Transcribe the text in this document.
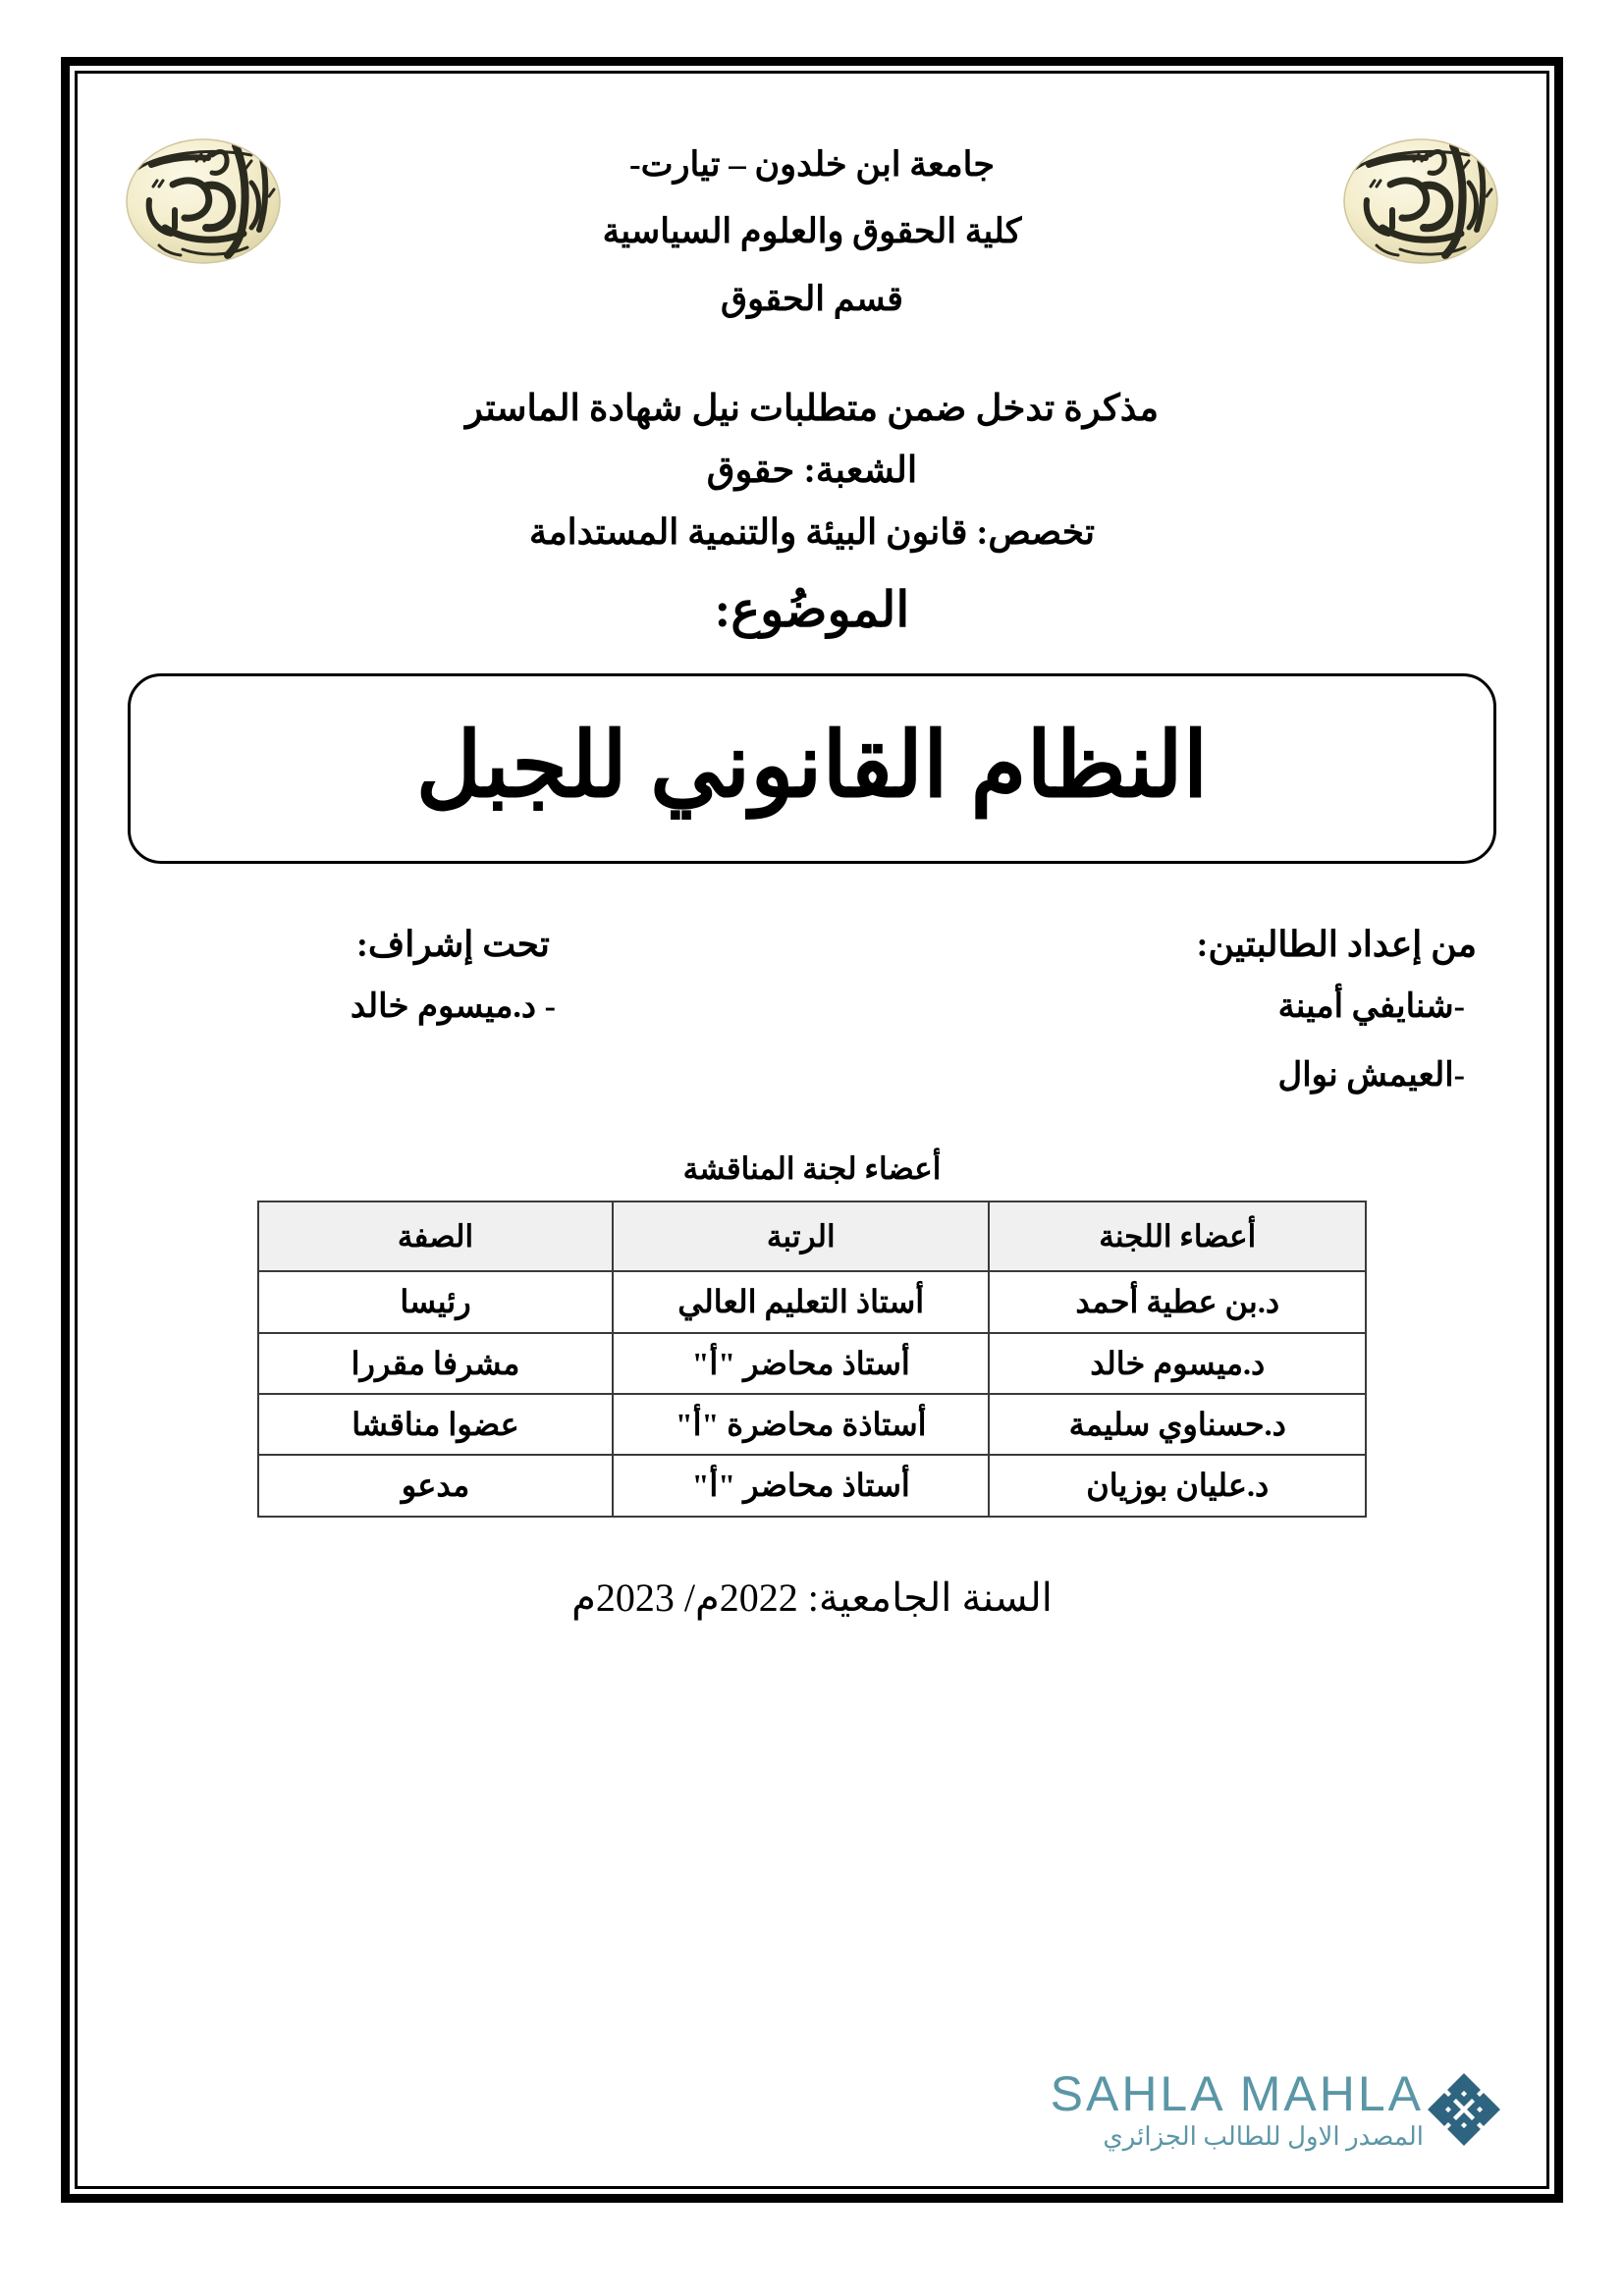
جامعة ابن خلدون – تيارت-
كلية الحقوق والعلوم السياسية
قسم الحقوق
مذكرة تدخل ضمن متطلبات نيل شهادة الماستر
الشعبة: حقوق
تخصص: قانون البيئة والتنمية المستدامة
الموضُوع:
النظام القانوني للجبل
من إعداد الطالبتين:
-شنايفي أمينة
-العيمش نوال
تحت إشراف:
- د.ميسوم خالد
أعضاء لجنة المناقشة
أعضاء اللجنة	الرتبة	الصفة
د.بن عطية أحمد	أستاذ التعليم العالي	رئيسا
د.ميسوم خالد	أستاذ محاضر "أ"	مشرفا مقررا
د.حسناوي سليمة	أستاذة محاضرة "أ"	عضوا مناقشا
د.عليان بوزيان	أستاذ محاضر "أ"	مدعو
السنة الجامعية: 2022م/ 2023م
SAHLA MAHLA
المصدر الاول للطالب الجزائري
